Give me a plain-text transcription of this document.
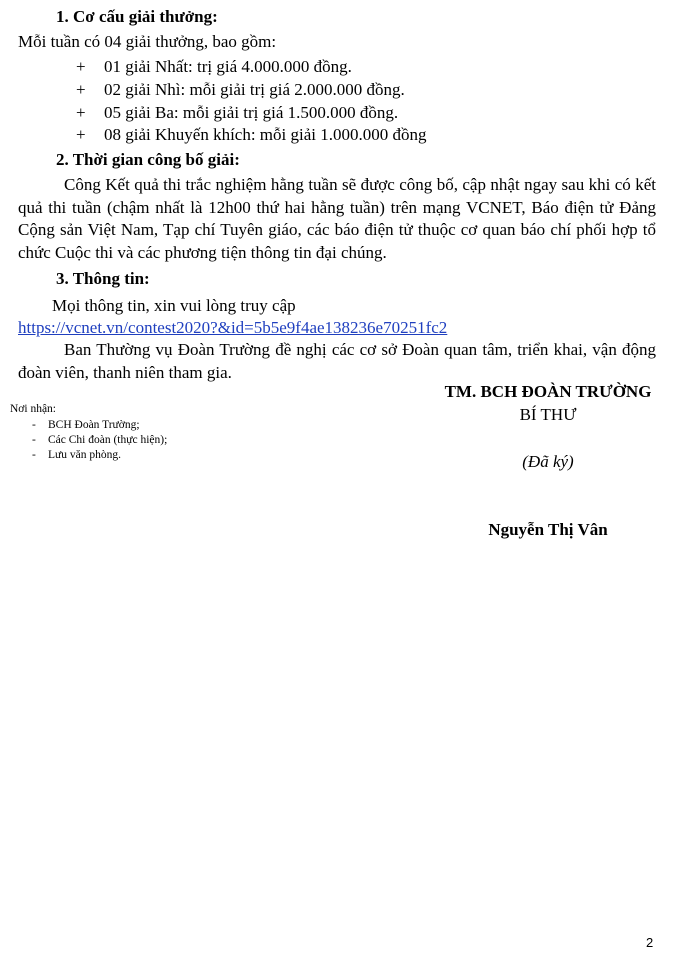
1. Cơ cấu giải thưởng:
Mỗi tuần có 04 giải thưởng, bao gồm:
+	01 giải Nhất: trị giá 4.000.000 đồng.
+	02 giải Nhì: mỗi giải trị giá 2.000.000 đồng.
+	05 giải Ba: mỗi giải trị giá 1.500.000 đồng.
+	08 giải Khuyến khích: mỗi giải 1.000.000 đồng
2. Thời gian công bố giải:
Công Kết quả thi trắc nghiệm hằng tuần sẽ được công bố, cập nhật ngay sau khi có kết quả thi tuần (chậm nhất là 12h00 thứ hai hằng tuần) trên mạng VCNET, Báo điện tử Đảng Cộng sản Việt Nam, Tạp chí Tuyên giáo, các báo điện tử thuộc cơ quan báo chí phối hợp tổ chức Cuộc thi và các phương tiện thông tin đại chúng.
3. Thông tin:
Mọi thông tin, xin vui lòng truy cập
https://vcnet.vn/contest2020?&id=5b5e9f4ae138236e70251fc2
Ban Thường vụ Đoàn Trường đề nghị các cơ sở Đoàn quan tâm, triển khai, vận động đoàn viên, thanh niên tham gia.
TM. BCH ĐOÀN TRƯỜNG
BÍ THƯ
(Đã ký)
Nguyễn Thị Vân
Nơi nhận:
- BCH Đoàn Trường;
- Các Chi đoàn (thực hiện);
- Lưu văn phòng.
2
